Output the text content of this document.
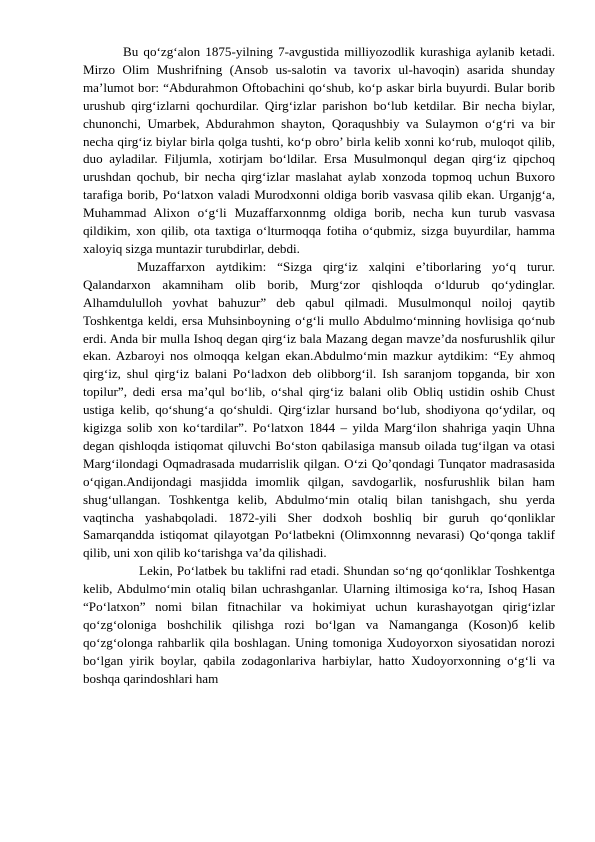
Bu qo‘zg‘alon 1875-yilning 7-avgustida milliyozodlik kurashiga aylanib ketadi. Mirzo Olim Mushrifning (Ansob us-salotin va tavorix ul-havoqin) asarida shunday ma’lumot bor: “Abdurahmon Oftobachini qo‘shub, ko‘p askar birla buyurdi. Bular borib urushub qirg‘izlarni qochurdilar. Qirg‘izlar parishon bo‘lub ketdilar. Bir necha biylar, chunonchi, Umarbek, Abdurahmon shayton, Qoraqushbiy va Sulaymon o‘g‘ri va bir necha qirg‘iz biylar birla qolga tushti, ko‘p obro’ birla kelib xonni ko‘rub, muloqot qilib, duo ayladilar. Filjumla, xotirjam bo‘ldilar. Ersa Musulmonqul degan qirg‘iz qipchoq urushdan qochub, bir necha qirg‘izlar maslahat aylab xonzoda topmoq uchun Buxoro tarafiga borib, Po‘latxon valadi Murodxonni oldiga borib vasvasa qilib ekan. Urganjg‘a, Muhammad Alixon o‘g‘li Muzaffarxonnmg oldiga borib, necha kun turub vasvasa qildikim, xon qilib, ota taxtiga o‘lturmoqqa fotiha o‘qubmiz, sizga buyurdilar, hamma xaloyiq sizga muntazir turubdirlar, debdi.

Muzaffarxon aytdikim: “Sizga qirg‘iz xalqini e’tiborlaring yo‘q turur. Qalandarxon akamniham olib borib, Murg‘zor qishloqda o‘ldurub qo‘ydinglar. Alhamdululloh yovhat bahuzur” deb qabul qilmadi. Musulmonqul noiloj qaytib Toshkentga keldi, ersa Muhsinboyning o‘g‘li mullo Abdulmo‘minning hovlisiga qo‘nub erdi. Anda bir mulla Ishoq degan qirg‘iz bala Mazang degan mavze’da nosfurushlik qilur ekan. Azbaroyi nos olmoqqa kelgan ekan.Abdulmo‘min mazkur aytdikim: “Ey ahmoq qirg‘iz, shul qirg‘iz balani Po‘ladxon deb olibborg‘il. Ish saranjom topganda, bir xon topilur”, dedi ersa ma’qul bo‘lib, o‘shal qirg‘iz balani olib Obliq ustidin oshib Chust ustiga kelib, qo‘shung‘a qo‘shuldi. Qirg‘izlar hursand bo‘lub, shodiyona qo‘ydilar, oq kigizga solib xon ko‘tardilar”. Po‘latxon 1844 – yilda Marg‘ilon shahriga yaqin Uhna degan qishloqda istiqomat qiluvchi Bo‘ston qabilasiga mansub oilada tug‘ilgan va otasi Marg‘ilondagi Oqmadrasada mudarrislik qilgan. O‘zi Qo’qondagi Tunqator madrasasida o‘qigan.Andijondagi masjidda imomlik qilgan, savdogarlik, nosfurushlik bilan ham shug‘ullangan. Toshkentga kelib, Abdulmo‘min otaliq bilan tanishgach, shu yerda vaqtincha yashabqoladi. 1872-yili Sher dodxoh boshliq bir guruh qo‘qonliklar Samarqandda istiqomat qilayotgan Po‘latbekni (Olimxonnng nevarasi) Qo‘qonga taklif qilib, uni xon qilib ko‘tarishga va’da qilishadi.

Lekin, Po‘latbek bu taklifni rad etadi. Shundan so‘ng qo‘qonliklar Toshkentga kelib, Abdulmo‘min otaliq bilan uchrashganlar. Ularning iltimosiga ko‘ra, Ishoq Hasan “Po‘latxon” nomi bilan fitnachilar va hokimiyat uchun kurashayotgan qirig‘izlar qo‘zg‘oloniga boshchilik qilishga rozi bo‘lgan va Namanganga (Koson)б kelib qo‘zg‘olonga rahbarlik qila boshlagan. Uning tomoniga Xudoyorxon siyosatidan norozi bo‘lgan yirik boylar, qabila zodagonlariva harbiylar, hatto Xudoyorxonning o‘g‘li va boshqa qarindoshlari ham
